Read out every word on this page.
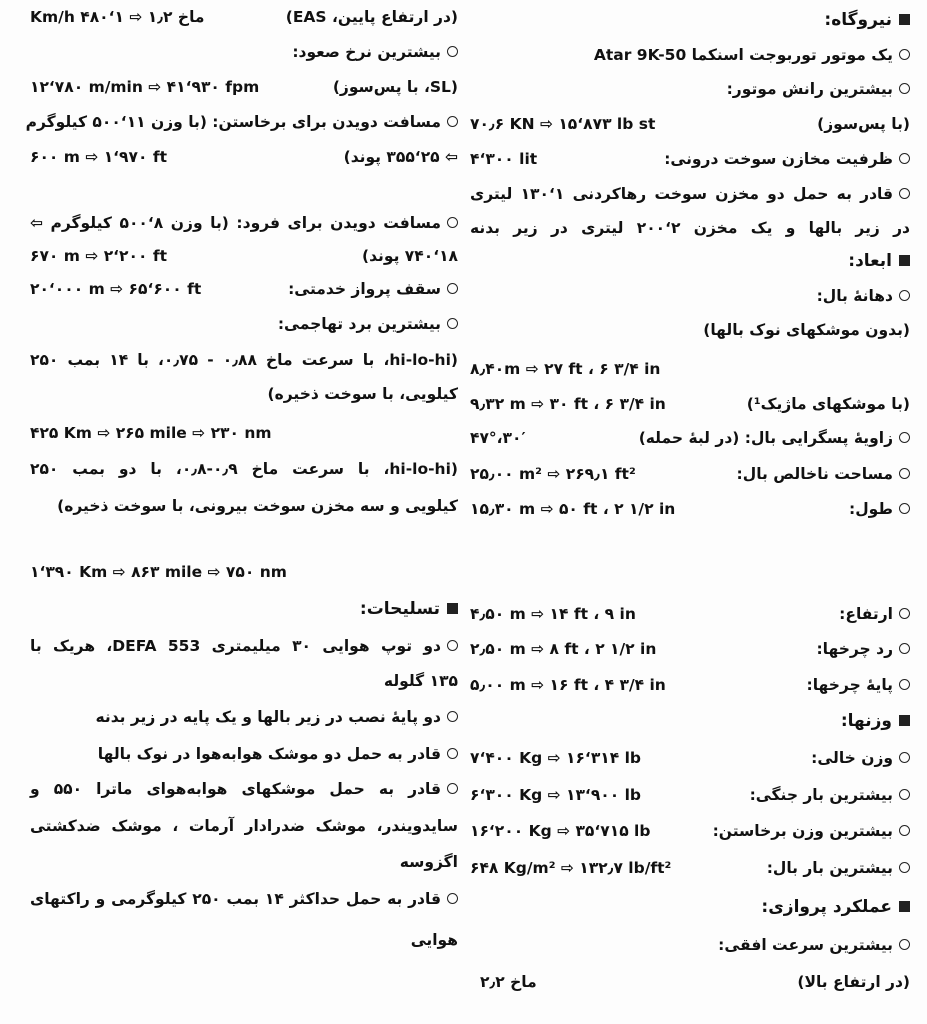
نیروگاه:
یک موتور توربوجت اسنکما Atar 9K-50
بیشترین رانش موتور:
(با پس‌سوز)
۷۰٫۶ KN ⇨ ۱۵‘۸۷۳ lb st
ظرفیت مخازن سوخت درونی:
۴‘۳۰۰ lit
قادر به حمل دو مخزن سوخت رهاکردنی ۱‘۱۳۰ لیتری
در زیر بالها و یک مخزن ۲‘۲۰۰ لیتری در زیر بدنه
ابعاد:
دهانهٔ بال:
(بدون موشکهای نوک بالها)
۸٫۴۰m ⇨ ۲۷ ft ، ۶ ۳/۴ in
(با موشکهای ماژیک¹)
۹٫۳۲ m ⇨ ۳۰ ft ، ۶ ۳/۴ in
زاویهٔ پسگرایی بال: (در لبهٔ حمله)
۴۷°،۳۰′
مساحت ناخالص بال:
۲۵٫۰۰ m² ⇨ ۲۶۹٫۱ ft²
طول:
۱۵٫۳۰ m ⇨ ۵۰ ft ، ۲ ۱/۲ in
ارتفاع:
۴٫۵۰ m ⇨ ۱۴ ft ، ۹ in
رد چرخها:
۲٫۵۰ m ⇨ ۸ ft ، ۲ ۱/۲ in
پایهٔ چرخها:
۵٫۰۰ m ⇨ ۱۶ ft ، ۴ ۳/۴ in
وزنها:
وزن خالی:
۷‘۴۰۰ Kg ⇨ ۱۶‘۳۱۴ lb
بیشترین بار جنگی:
۶‘۳۰۰ Kg ⇨ ۱۳‘۹۰۰ lb
بیشترین وزن برخاستن:
۱۶‘۲۰۰ Kg ⇨ ۳۵‘۷۱۵ lb
بیشترین بار بال:
۶۴۸ Kg/m² ⇨ ۱۳۲٫۷ lb/ft²
عملکرد پروازی:
بیشترین سرعت افقی:
(در ارتفاع بالا)
ماخ ۲٫۲
(در ارتفاع پایین، EAS)
ماخ ۱٫۲ ⇨ ۱‘۴۸۰ Km/h
بیشترین نرخ صعود:
(SL، با پس‌سوز)
۱۲‘۷۸۰ m/min ⇨ ۴۱‘۹۳۰ fpm
مسافت دویدن برای برخاستن: (با وزن ۱۱‘۵۰۰ کیلوگرم
⇦ ۲۵‘۳۵۵ پوند)
۶۰۰ m ⇨ ۱‘۹۷۰ ft
مسافت دویدن برای فرود: (با وزن ۸‘۵۰۰ کیلوگرم ⇦
۱۸‘۷۴۰ پوند)
۶۷۰ m ⇨ ۲‘۲۰۰ ft
سقف پرواز خدمتی:
۲۰‘۰۰۰ m ⇨ ۶۵‘۶۰۰ ft
بیشترین برد تهاجمی:
(hi-lo-hi، با سرعت ماخ ۰٫۸۸ - ۰٫۷۵، با ۱۴ بمب ۲۵۰
کیلویی، با سوخت ذخیره)
۴۲۵ Km ⇨ ۲۶۵ mile ⇨ ۲۳۰ nm
(hi-lo-hi، با سرعت ماخ ۰٫۹-۰٫۸، با دو بمب ۲۵۰
کیلویی و سه مخزن سوخت بیرونی، با سوخت ذخیره)
۱‘۳۹۰ Km ⇨ ۸۶۳ mile ⇨ ۷۵۰ nm
تسلیحات:
دو توپ هوایی ۳۰ میلیمتری DEFA 553، هریک با
۱۳۵ گلوله
دو پایهٔ نصب در زیر بالها و یک پایه در زیر بدنه
قادر به حمل دو موشک هوابه‌هوا در نوک بالها
قادر به حمل موشکهای هوابه‌هوای ماترا ۵۵۰ و
سایدویندر، موشک ضدرادار آرمات ، موشک ضدکشتی
اگزوسه
قادر به حمل حداکثر ۱۴ بمب ۲۵۰ کیلوگرمی و راکتهای
هوایی
